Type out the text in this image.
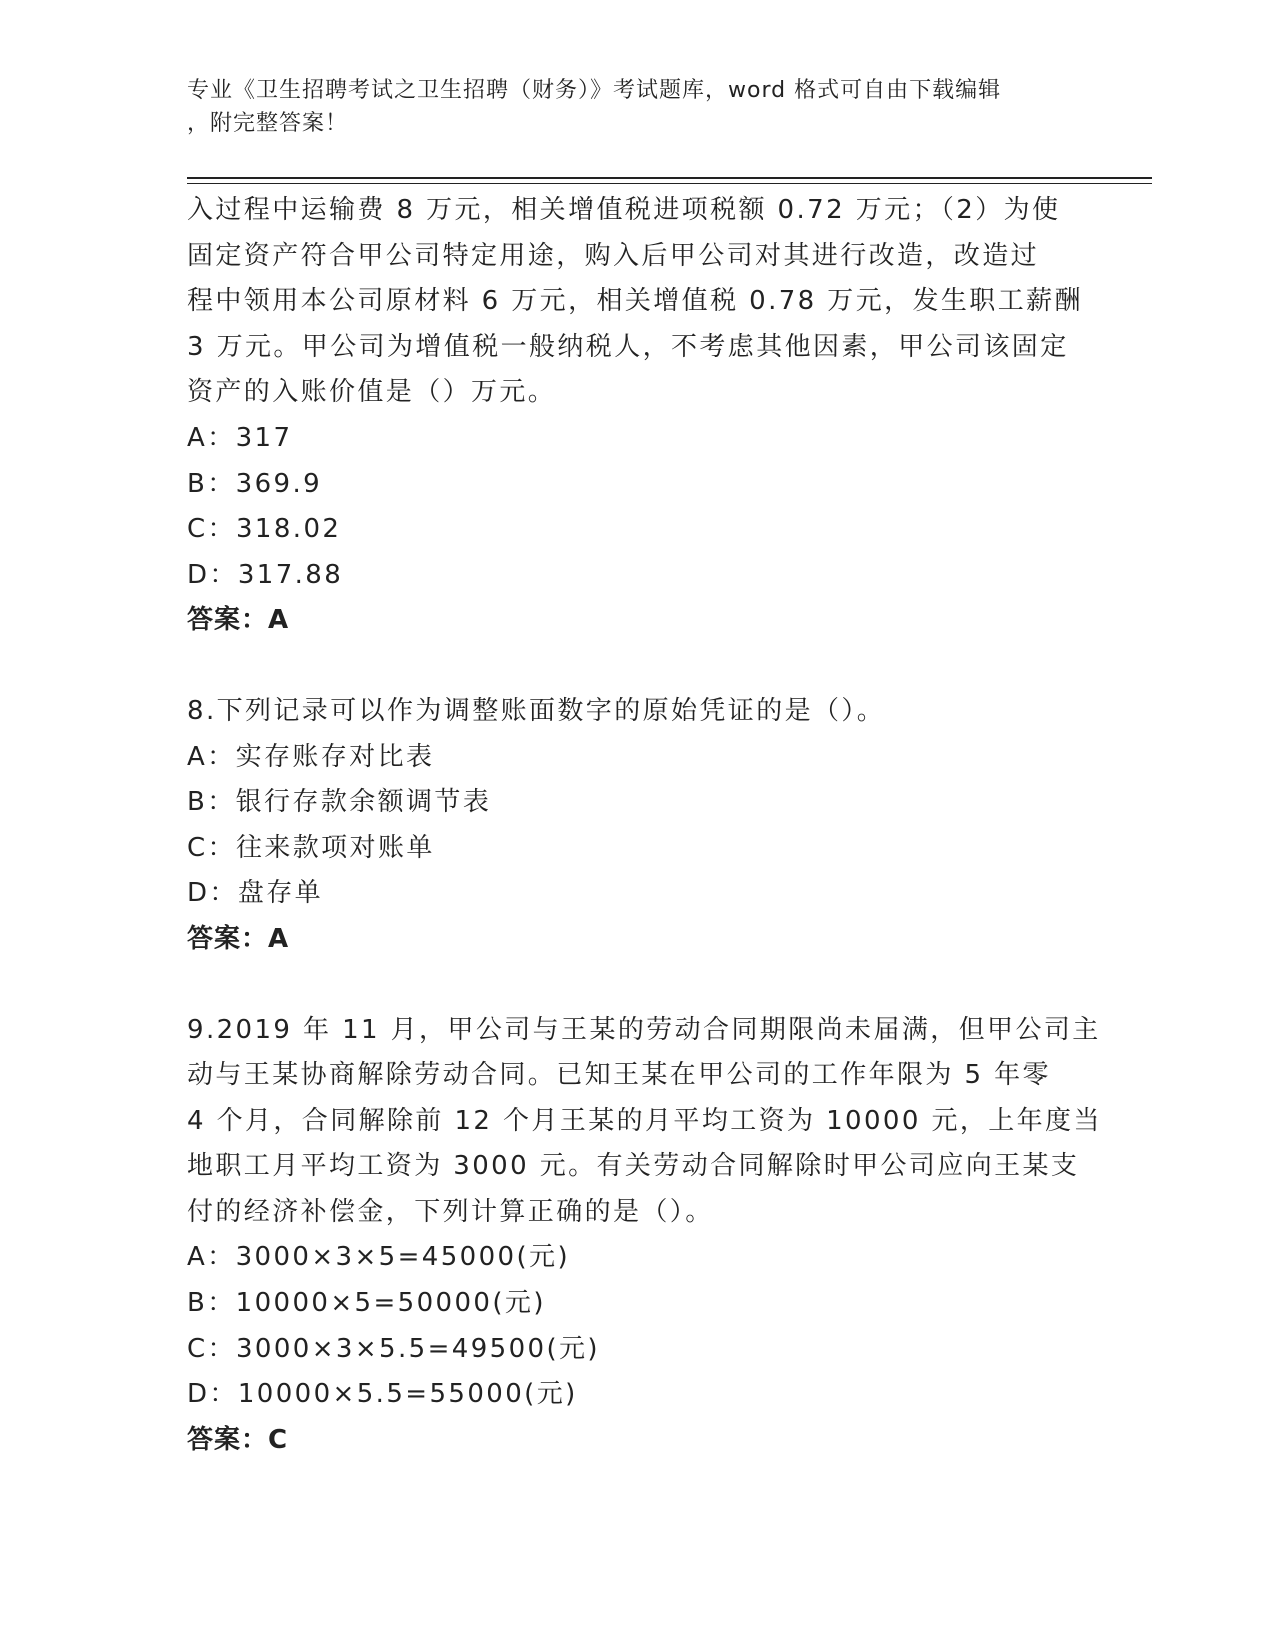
专业《卫生招聘考试之卫生招聘（财务）》考试题库，word 格式可自由下载编辑
，附完整答案！
入过程中运输费 8 万元，相关增值税进项税额 0.72 万元；（2）为使
固定资产符合甲公司特定用途，购入后甲公司对其进行改造，改造过
程中领用本公司原材料 6 万元，相关增值税 0.78 万元，发生职工薪酬
3 万元。甲公司为增值税一般纳税人，不考虑其他因素，甲公司该固定
资产的入账价值是（）万元。
A：317
B：369.9
C：318.02
D：317.88
答案：A
8.下列记录可以作为调整账面数字的原始凭证的是（）。
A：实存账存对比表
B：银行存款余额调节表
C：往来款项对账单
D：盘存单
答案：A
9.2019 年 11 月，甲公司与王某的劳动合同期限尚未届满，但甲公司主
动与王某协商解除劳动合同。已知王某在甲公司的工作年限为 5 年零
4 个月，合同解除前 12 个月王某的月平均工资为 10000 元，上年度当
地职工月平均工资为 3000 元。有关劳动合同解除时甲公司应向王某支
付的经济补偿金，下列计算正确的是（）。
A：3000×3×5=45000(元)
B：10000×5=50000(元)
C：3000×3×5.5=49500(元)
D：10000×5.5=55000(元)
答案：C
